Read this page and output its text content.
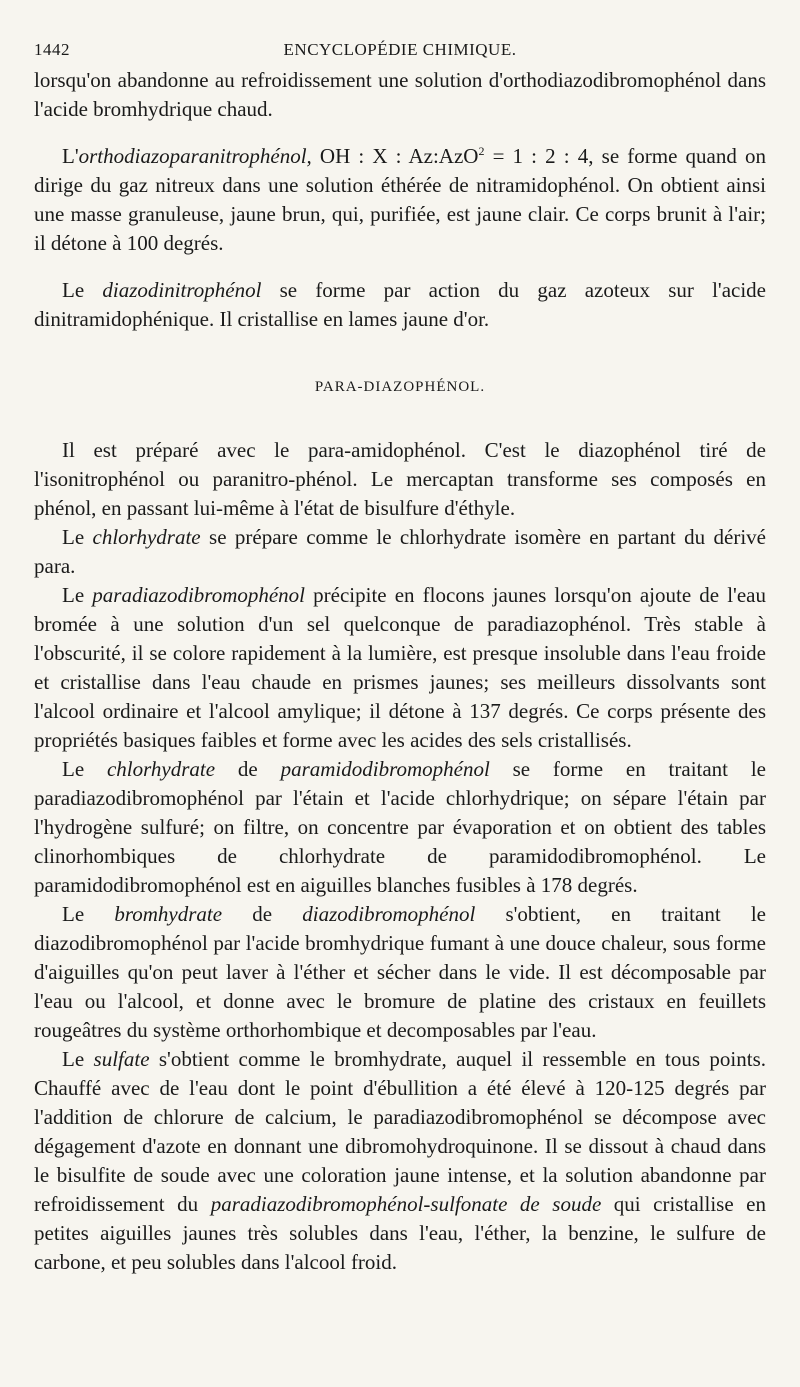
1442	ENCYCLOPÉDIE CHIMIQUE.

lorsqu'on abandonne au refroidissement une solution d'orthodiazodibromophénol dans l'acide bromhydrique chaud.

L'orthodiazoparanitrophénol, OH : X : Az:AzO$^2$ = 1 : 2 : 4, se forme quand on dirige du gaz nitreux dans une solution éthérée de nitramidophénol. On obtient ainsi une masse granuleuse, jaune brun, qui, purifiée, est jaune clair. Ce corps brunit à l'air; il détone à 100 degrés.

Le diazodinitrophénol se forme par action du gaz azoteux sur l'acide dinitramidophénique. Il cristallise en lames jaune d'or.

PARA-DIAZOPHÉNOL.

Il est préparé avec le para-amidophénol. C'est le diazophénol tiré de l'isonitrophénol ou paranitro-phénol. Le mercaptan transforme ses composés en phénol, en passant lui-même à l'état de bisulfure d'éthyle.

Le chlorhydrate se prépare comme le chlorhydrate isomère en partant du dérivé para.

Le paradiazodibromophénol précipite en flocons jaunes lorsqu'on ajoute de l'eau bromée à une solution d'un sel quelconque de paradiazophénol. Très stable à l'obscurité, il se colore rapidement à la lumière, est presque insoluble dans l'eau froide et cristallise dans l'eau chaude en prismes jaunes; ses meilleurs dissolvants sont l'alcool ordinaire et l'alcool amylique; il détone à 137 degrés. Ce corps présente des propriétés basiques faibles et forme avec les acides des sels cristallisés.

Le chlorhydrate de paramidodibromophénol se forme en traitant le paradiazodibromophénol par l'étain et l'acide chlorhydrique; on sépare l'étain par l'hydrogène sulfuré; on filtre, on concentre par évaporation et on obtient des tables clinorhombiques de chlorhydrate de paramidodibromophénol. Le paramidodibromophénol est en aiguilles blanches fusibles à 178 degrés.

Le bromhydrate de diazodibromophénol s'obtient, en traitant le diazodibromophénol par l'acide bromhydrique fumant à une douce chaleur, sous forme d'aiguilles qu'on peut laver à l'éther et sécher dans le vide. Il est décomposable par l'eau ou l'alcool, et donne avec le bromure de platine des cristaux en feuillets rougeâtres du système orthorhombique et decomposables par l'eau.

Le sulfate s'obtient comme le bromhydrate, auquel il ressemble en tous points. Chauffé avec de l'eau dont le point d'ébullition a été élevé à 120-125 degrés par l'addition de chlorure de calcium, le paradiazodibromophénol se décompose avec dégagement d'azote en donnant une dibromohydroquinone. Il se dissout à chaud dans le bisulfite de soude avec une coloration jaune intense, et la solution abandonne par refroidissement du paradiazodibromophénol-sulfonate de soude qui cristallise en petites aiguilles jaunes très solubles dans l'eau, l'éther, la benzine, le sulfure de carbone, et peu solubles dans l'alcool froid.
